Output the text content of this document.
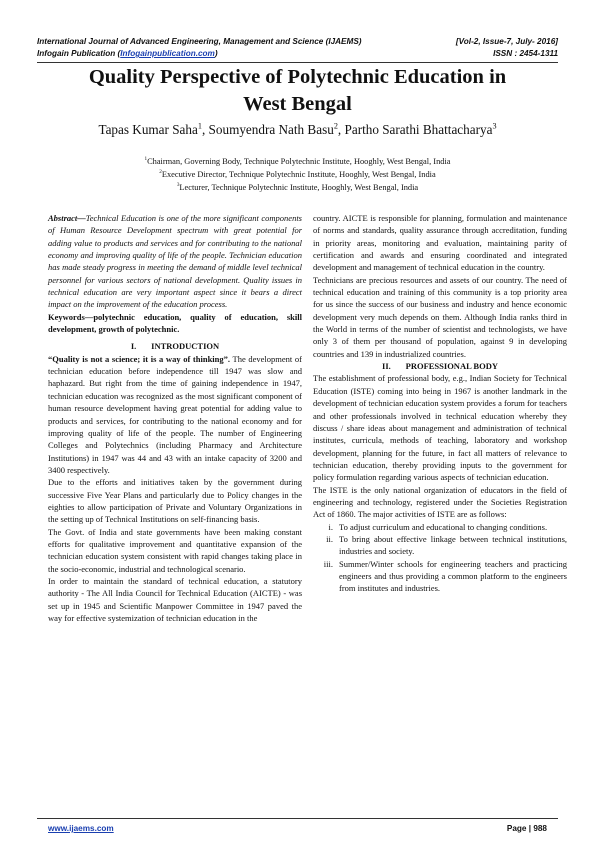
International Journal of Advanced Engineering, Management and Science (IJAEMS)	[Vol-2, Issue-7, July- 2016]
Infogain Publication (Infogainpublication.com)	ISSN : 2454-1311
Quality Perspective of Polytechnic Education in
West Bengal
Tapas Kumar Saha$^1$, Soumyendra Nath Basu$^2$, Partho Sarathi Bhattacharya$^3$
$^1$Chairman, Governing Body, Technique Polytechnic Institute, Hooghly, West Bengal, India
$^2$Executive Director, Technique Polytechnic Institute, Hooghly, West Bengal, India
$^3$Lecturer, Technique Polytechnic Institute, Hooghly, West Bengal, India

Abstract—Technical Education is one of the more significant components of Human Resource Development spectrum with great potential for adding value to products and services and for contributing to the national economy and improving quality of life of the people. Technician education has made steady progress in meeting the demand of middle level technical personnel for various sectors of national development. Quality issues in technical education are very important aspect since it bears a direct impact on the improvement of the education process.

Keywords—polytechnic education, quality of education, skill development, growth of polytechnic.

I.       INTRODUCTION

“Quality is not a science; it is a way of thinking”. The development of technician education before independence till 1947 was slow and haphazard. But right from the time of gaining independence in 1947, technician education was recognized as the most significant component of human resource development having great potential for adding value to products and services, for contributing to the national economy and for improving quality of life of the people. The number of Engineering Colleges and Polytechnics (including Pharmacy and Architecture Institutions) in 1947 was 44 and 43 with an intake capacity of 3200 and 3400 respectively.

Due to the efforts and initiatives taken by the government during successive Five Year Plans and particularly due to Policy changes in the eighties to allow participation of Private and Voluntary Organizations in the setting up of Technical Institutions on self-financing basis.

The Govt. of India and state governments have been making constant efforts for qualitative improvement and quantitative expansion of the technician education system consistent with rapid changes taking place in the socio-economic, industrial and technological scenario.

In order to maintain the standard of technical education, a statutory authority - The All India Council for Technical Education (AICTE) - was set up in 1945 and Scientific Manpower Committee in 1947 paved the way for effective systemization of technician education in the

country. AICTE is responsible for planning, formulation and maintenance of norms and standards, quality assurance through accreditation, funding in priority areas, monitoring and evaluation, maintaining parity of certification and awards and ensuring coordinated and integrated development and management of technical education in the country.

Technicians are precious resources and assets of our country. The need of technical education and training of this community is a top priority area for us since the success of our business and industry and hence economic development very much depends on them. Although India ranks third in the World in terms of the number of scientist and technologists, we have only 3 of them per thousand of population, against 9 in developing countries and 139 in industrialized countries.

II.       PROFESSIONAL BODY

The establishment of professional body, e.g., Indian Society for Technical Education (ISTE) coming into being in 1967 is another landmark in the development of technician education system provides a forum for teachers and other professionals involved in technical education whereby they discuss / share ideas about management and administration of technical institutes, curricula, methods of teaching, laboratory and workshop development, planning for the future, in fact all matters of relevance to technician education, thereby providing inputs to the government for policy formulation regarding various aspects of technician education.

The ISTE is the only national organization of educators in the field of engineering and technology, registered under the Societies Registration Act of 1860. The major activities of ISTE are as follows:

i. To adjust curriculum and educational to changing conditions.
ii. To bring about effective linkage between technical institutions, industries and society.
iii. Summer/Winter schools for engineering teachers and practicing engineers and thus providing a common platform to the engineers from institutes and industries.
www.ijaems.com	Page | 988
